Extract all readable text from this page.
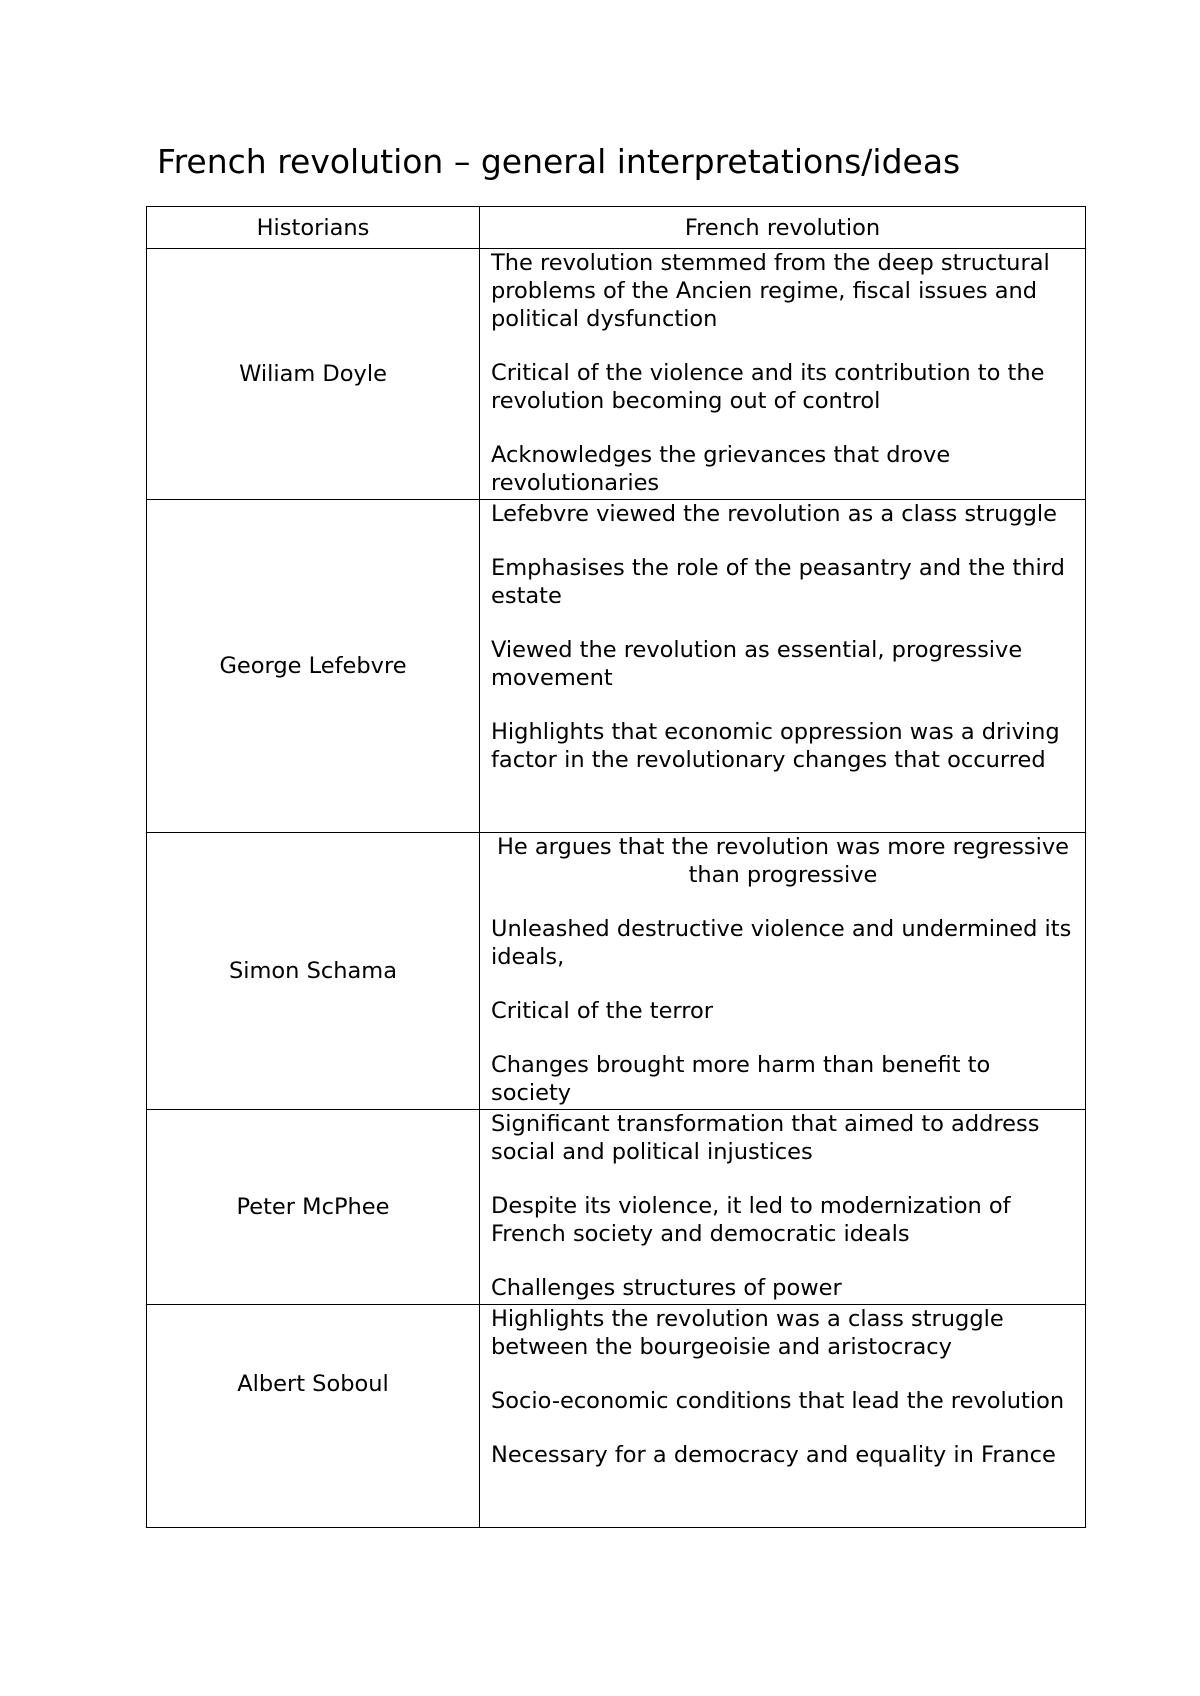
French revolution – general interpretations/ideas
Historians	French revolution
Wiliam Doyle	The revolution stemmed from the deep structural problems of the Ancien regime, fiscal issues and political dysfunction

Critical of the violence and its contribution to the revolution becoming out of control

Acknowledges the grievances that drove revolutionaries

George Lefebvre	Lefebvre viewed the revolution as a class struggle

Emphasises the role of the peasantry and the third estate

Viewed the revolution as essential, progressive movement

Highlights that economic oppression was a driving factor in the revolutionary changes that occurred

Simon Schama	He argues that the revolution was more regressive than progressive

Unleashed destructive violence and undermined its ideals,

Critical of the terror

Changes brought more harm than benefit to society

Peter McPhee	Significant transformation that aimed to address social and political injustices

Despite its violence, it led to modernization of French society and democratic ideals

Challenges structures of power

Albert Soboul	Highlights the revolution was a class struggle between the bourgeoisie and aristocracy

Socio-economic conditions that lead the revolution

Necessary for a democracy and equality in France
